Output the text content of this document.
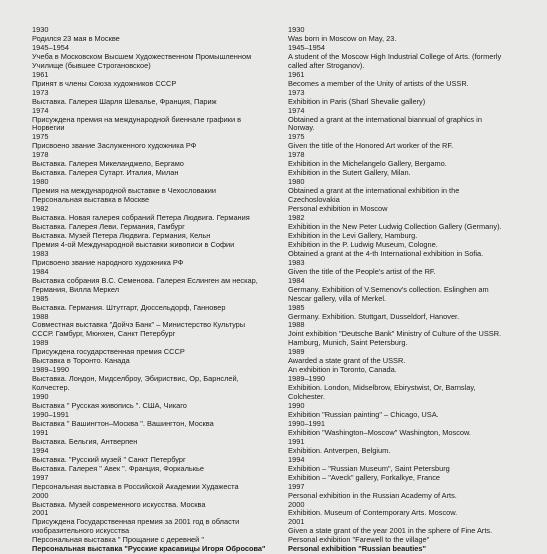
1930
Родился 23 мая в Москве
1945–1954
Учеба в Московском Высшем Художественном Промышленном
Училище (бывшее Строгановское)
1961
Принят в члены Союза художников СССР
1973
Выставка. Галерея Шарля Шевалье, Франция, Париж
1974
Присуждена премия на международной биеннале графики в
Норвегии
1975
Присвоено звание Заслуженного художника РФ
1978
Выставка. Галерея Микеланджело, Бергамо
Выставка. Галерея Сутарт. Италия, Милан
1980
Премия на международной выставке в Чехословакии
Персональная выставка в Москве
1982
Выставка. Новая галерея собраний Петера Людвига. Германия
Выставка. Галерея Леви. Германия, Гамбург
Выставка. Музей Петера Людвига. Германия, Кельн
Премия 4-ой Международной выставки живописи в Софии
1983
Присвоено звание народного художника РФ
1984
Выставка собрания В.С. Семенова. Галерея Еслинген ам нескар,
Германия, Вилла Меркел
1985
Выставка. Германия. Штутгарт, Дюссельдорф, Ганновер
1988
Совместная выставка "Дойчэ Банк" – Министерство Культуры
СССР. Гамбург, Мюнхен, Санкт Петербург
1989
Присуждена государственная премия СССР
Выставка в Торонто. Канада
1989–1990
Выставка. Лондон, Мидселброу, Эбириствис, Ор, Барнслей,
Колчестер.
1990
Выставка " Русская живопись ". США, Чикаго
1990–1991
Выставка " Вашингтон–Москва ". Вашингтон, Москва
1991
Выставка. Бельгия, Антверпен
1994
Выставка. "Русский музей " Санкт Петербург
Выставка. Галерея " Авек ". Франция, Форкалькье
1997
Персональная выставка в Российской Академии Худажеста
2000
Выставка. Музей современного искусства. Москва
2001
Присуждена Государственная премия за 2001 год в области
изобразительного искусства
Персональная выставка " Прощание с деревней "
Персональная выставка "Русские красавицы Игоря Обросова"
1930
Was born in Moscow on May, 23.
1945–1954
A student of the Moscow High Industrial College of Arts. (formerly
called after Stroganov).
1961
Becomes a member of the Unity of artists of the USSR.
1973
Exhibition in Paris (Sharl Shevalie gallery)
1974
Obtained a grant at the international biannual of graphics in
Norway.
1975
Given the title of the Honored Art worker of the RF.
1978
Exhibition in the Michelangelo Gallery, Bergamo.
Exhibition in the Sutert Gallery, Milan.
1980
Obtained a grant at the international exhibition in the
Czechoslovakia
Personal exhibition in Moscow
1982
Exhibition in the New Peter Ludwig Collection Gallery (Germany).
Exhibition in the Levi Gallery, Hamburg.
Exhibition in the P. Ludwig Museum, Cologne.
Obtained a grant at the 4-th International exhibition in Sofia.
1983
Given the title of the People's artist of the RF.
1984
Germany. Exhibition of V.Semenov's collection. Eslinghen am
Nescar gallery, villa of Merkel.
1985
Germany. Exhibition. Stuttgart, Dusseldorf, Hanover.
1988
Joint exhibition "Deutsche Bank" Ministry of Culture of the USSR.
Hamburg, Munich, Saint Petersburg.
1989
Awarded a state grant of the USSR.
An exhibition in Toronto, Canada.
1989–1990
Exhibition. London, Midselbrow, Ebirystwist, Or, Barnslay,
Colchester.
1990
Exhibition "Russian painting" – Chicago, USA.
1990–1991
Exhibition "Washington–Moscow" Washington, Moscow.
1991
Exhibition. Antverpen, Belgium.
1994
Exhibition – "Russian Museum", Saint Petersburg
Exhibition – "Aveck" gallery, Forkalkye, France
1997
Personal exhibition in the Russian Academy of Arts.
2000
Exhibition. Museum of Contemporary Arts. Moscow.
2001
Given a state grant of the year 2001 in the sphere of Fine Arts.
Personal exhibition "Farewell to the village"
Personal exhibition "Russian beauties"
